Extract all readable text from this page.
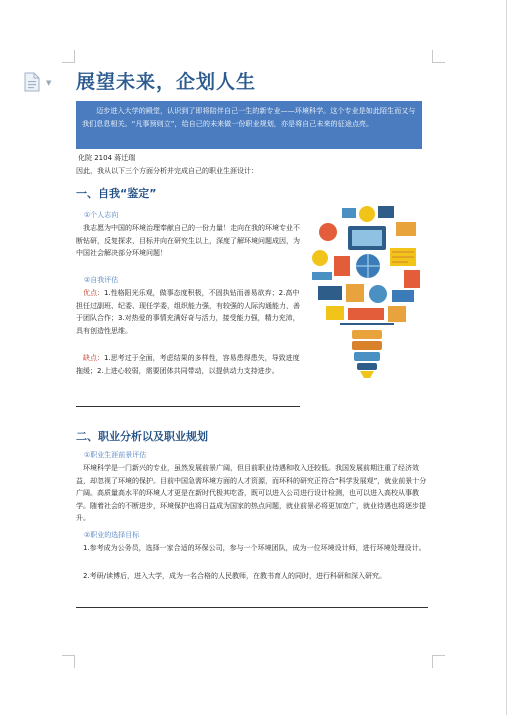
▼ 展望未来，企划人生
迈步进入大学的殿堂，认识到了即将陪伴自己一生的新专业——环境科学。这个专业是如此陌生而又与我们息息相关。“凡事预则立”，给自己的未来做一份职业规划，亦是将自己未来的征途点亮。
化院 2104 蒋迁瑞
因此，我从以下三个方面分析并完成自己的职业生涯设计：
一、自我“鉴定”
①个人志向
我志愿为中国的环境治理奉献自己的一份力量！走向在我的环境专业不断钻研，反复探求，目标并向在研究生以上，深度了解环境问题成因，为中国社会解决部分环境问题！
②自我评估
优点：1.性格阳光乐观，做事态度积极，不固执钻而善易欲弃；2.高中担任过副班、纪委、现任学委，组织能力强，有较强的人际沟通能力，善于团队合作；3.对热爱的事情充满好奇与活力，接受能力强，精力充沛，具有创造性思维。
缺点：1.思考过于全面，考虑结果的多样性，容易患得患失，导致进度拖缓；2.上进心较弱，需要团体共同带动，以提供动力支持进步。
二、职业分析以及职业规划
①职业生涯前景评估
环境科学是一门新兴的专业，虽然发展前景广阔，但目前职业待遇和收入还较低。我国发展前期注重了经济效益，却忽视了环境的保护。目前中国急需环境方面的人才资源，而环科的研究正符合“科学发展观”，就业前景十分广阔。高质量高水平的环境人才更是在新时代极其吃香，既可以进入公司进行设计检测，也可以进入高校从事教学。随着社会的不断进步，环境保护也将日益成为国家的热点问题，就业前景必将更加宽广，就业待遇也将逐步提升。
②职业的选择目标
1.参考成为公务员，选择一家合适的环保公司，参与一个环境团队，成为一位环境设计师，进行环境处理设计。
2.考研/读博后，进入大学，成为一名合格的人民教师，在教书育人的同时，进行科研和深入研究。
